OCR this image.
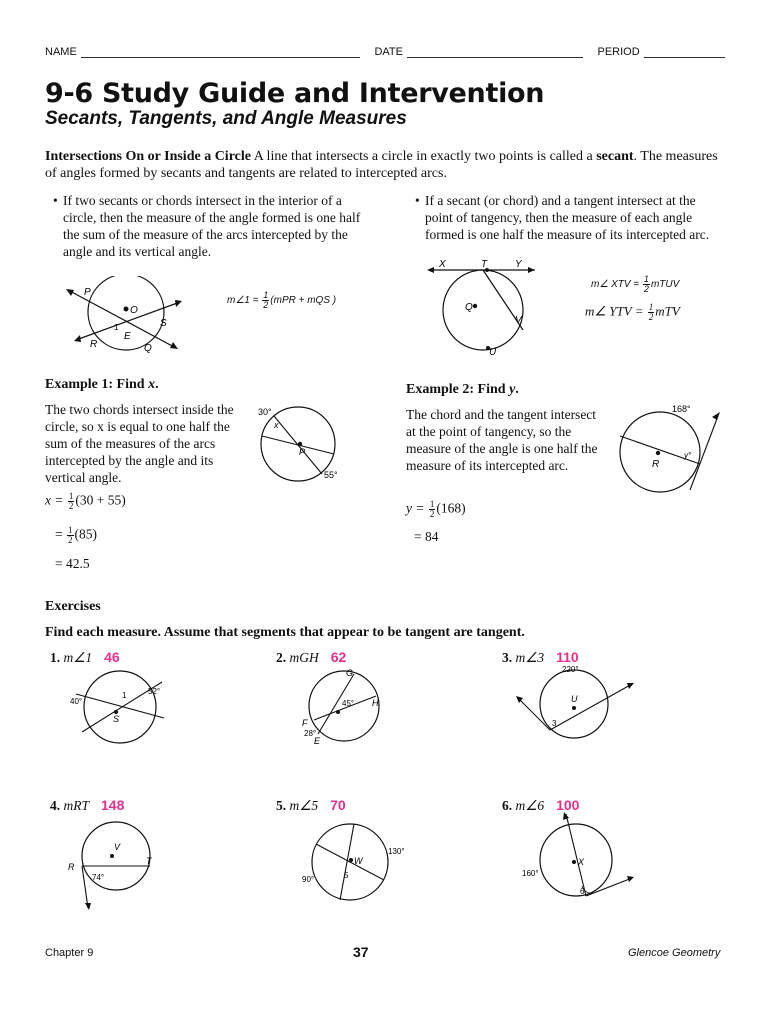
NAME	DATE	PERIOD
9-6 Study Guide and Intervention
Secants, Tangents, and Angle Measures
Intersections On or Inside a Circle A line that intersects a circle in exactly two points is called a secant. The measures of angles formed by secants and tangents are related to intercepted arcs.
• If two secants or chords intersect in the interior of a circle, then the measure of the angle formed is one half the sum of the measure of the arcs intercepted by the angle and its vertical angle.
• If a secant (or chord) and a tangent intersect at the point of tangency, then the measure of each angle formed is one half the measure of its intercepted arc.
P
O
S
1
E
R	Q
m∠1 = $\frac{1}{2} (mPR$ + mQS )
X	T	Y
Q
V
U
m∠ XTV = $\frac{1}{2}$ mTUV
m∠ YTV = $\frac{1}{2}$ mTV
Example 1: Find x.
The two chords intersect inside the circle, so x is equal to one half the sum of the measures of the arcs intercepted by the angle and its vertical angle.
$x = \frac{1}{2} (30 + 55)$
= $\frac{1}{2} (85)$
= 42.5
30°
x
P
55°
Example 2: Find y.
The chord and the tangent intersect at the point of tangency, so the measure of the angle is one half the measure of its intercepted arc.
$y = \frac{1}{2} (168)$
= 84
168°
R
y°
Exercises
Find each measure. Assume that segments that appear to be tangent are tangent.
1. m∠1 46
40°
1	52°
S
2. mGH 62
G
45° H
F
28°
E
3. m∠3 110
220°
U
3
4. mRT 148
V
T
R
74°
5. m∠5 70
W
130°
90°	5
6. m∠6 100
X
160°
6
Chapter 9	37	Glencoe Geometry
